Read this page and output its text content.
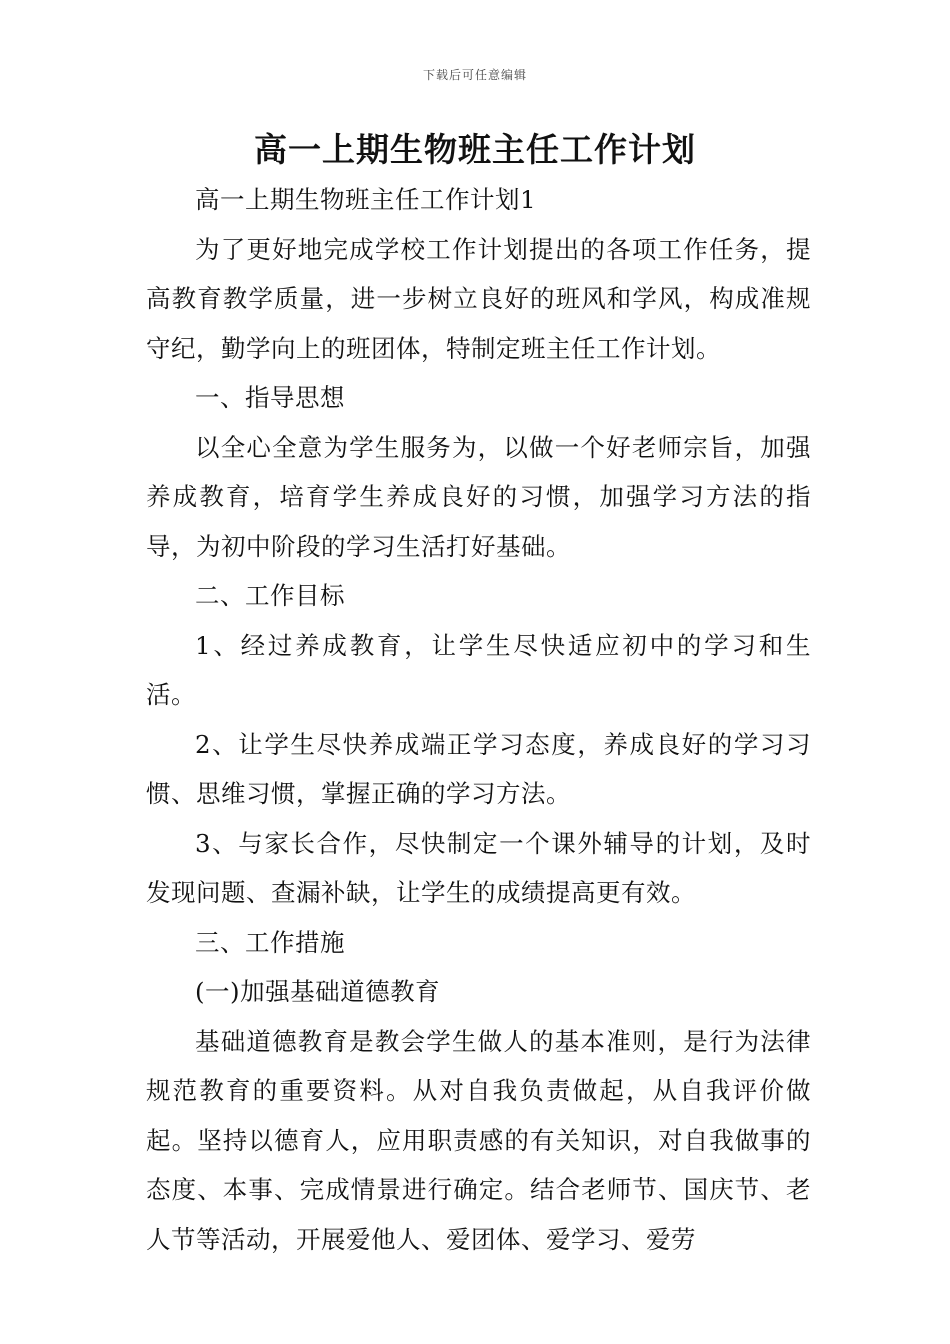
下载后可任意编辑
高一上期生物班主任工作计划

高一上期生物班主任工作计划1

为了更好地完成学校工作计划提出的各项工作任务，提高教育教学质量，进一步树立良好的班风和学风，构成准规守纪，勤学向上的班团体，特制定班主任工作计划。

一、指导思想

以全心全意为学生服务为，以做一个好老师宗旨，加强养成教育，培育学生养成良好的习惯，加强学习方法的指导，为初中阶段的学习生活打好基础。

二、工作目标

1、经过养成教育，让学生尽快适应初中的学习和生活。

2、让学生尽快养成端正学习态度，养成良好的学习习惯、思维习惯，掌握正确的学习方法。

3、与家长合作，尽快制定一个课外辅导的计划，及时发现问题、查漏补缺，让学生的成绩提高更有效。

三、工作措施

(一)加强基础道德教育

基础道德教育是教会学生做人的基本准则，是行为法律规范教育的重要资料。从对自我负责做起，从自我评价做起。坚持以德育人，应用职责感的有关知识，对自我做事的态度、本事、完成情景进行确定。结合老师节、国庆节、老人节等活动，开展爱他人、爱团体、爱学习、爱劳
